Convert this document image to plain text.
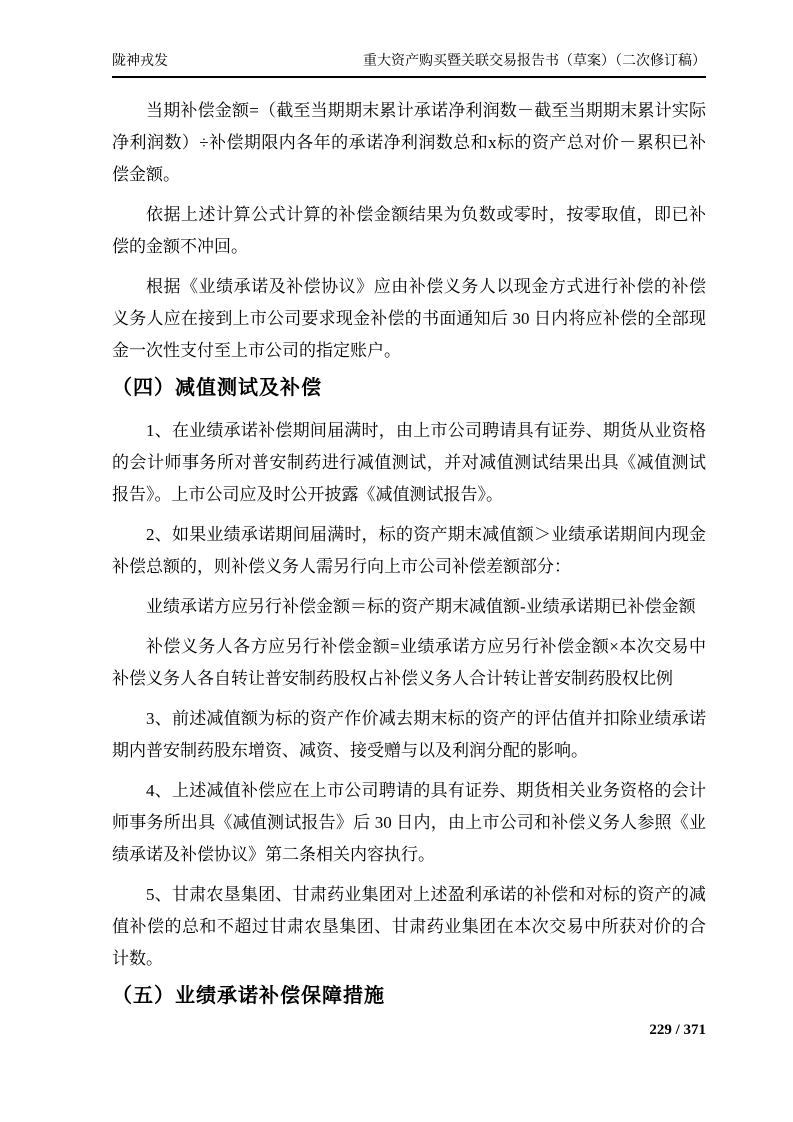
陇神戎发	重大资产购买暨关联交易报告书（草案）（二次修订稿）

当期补偿金额=（截至当期期末累计承诺净利润数－截至当期期末累计实际净利润数）÷补偿期限内各年的承诺净利润数总和x标的资产总对价－累积已补偿金额。

依据上述计算公式计算的补偿金额结果为负数或零时，按零取值，即已补偿的金额不冲回。

根据《业绩承诺及补偿协议》应由补偿义务人以现金方式进行补偿的补偿义务人应在接到上市公司要求现金补偿的书面通知后 30 日内将应补偿的全部现金一次性支付至上市公司的指定账户。

（四）减值测试及补偿

1、在业绩承诺补偿期间届满时，由上市公司聘请具有证券、期货从业资格的会计师事务所对普安制药进行减值测试，并对减值测试结果出具《减值测试报告》。上市公司应及时公开披露《减值测试报告》。

2、如果业绩承诺期间届满时，标的资产期末减值额＞业绩承诺期间内现金补偿总额的，则补偿义务人需另行向上市公司补偿差额部分：

业绩承诺方应另行补偿金额＝标的资产期末减值额-业绩承诺期已补偿金额

补偿义务人各方应另行补偿金额=业绩承诺方应另行补偿金额×本次交易中补偿义务人各自转让普安制药股权占补偿义务人合计转让普安制药股权比例

3、前述减值额为标的资产作价减去期末标的资产的评估值并扣除业绩承诺期内普安制药股东增资、减资、接受赠与以及利润分配的影响。

4、上述减值补偿应在上市公司聘请的具有证券、期货相关业务资格的会计师事务所出具《减值测试报告》后 30 日内，由上市公司和补偿义务人参照《业绩承诺及补偿协议》第二条相关内容执行。

5、甘肃农垦集团、甘肃药业集团对上述盈利承诺的补偿和对标的资产的减值补偿的总和不超过甘肃农垦集团、甘肃药业集团在本次交易中所获对价的合计数。

（五）业绩承诺补偿保障措施
229 / 371
